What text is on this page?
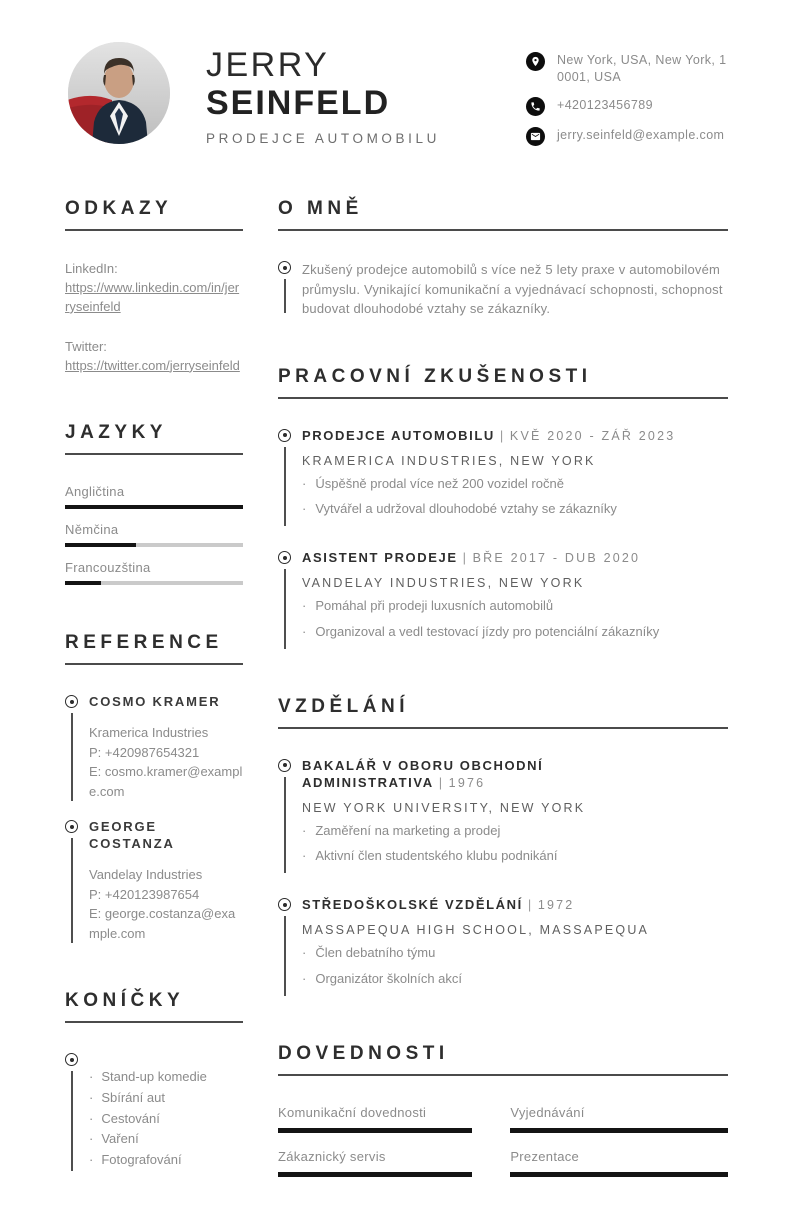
JERRY
SEINFELD
PRODEJCE AUTOMOBILU
New York, USA, New York, 10001, USA
+420123456789
jerry.seinfeld@example.com
ODKAZY
LinkedIn:
https://www.linkedin.com/in/jerryseinfeld
Twitter:
https://twitter.com/jerryseinfeld
JAZYKY
Angličtina
Němčina
Francouzština
REFERENCE
COSMO KRAMER
Kramerica Industries
P: +420987654321
E: cosmo.kramer@example.com
GEORGE COSTANZA
Vandelay Industries
P: +420123987654
E: george.costanza@example.com
KONÍČKY
· Stand-up komedie
· Sbírání aut
· Cestování
· Vaření
· Fotografování
O MNĚ

Zkušený prodejce automobilů s více než 5 lety praxe v automobilovém průmyslu. Vynikající komunikační a vyjednávací schopnosti, schopnost budovat dlouhodobé vztahy se zákazníky.

PRACOVNÍ ZKUŠENOSTI
PRODEJCE AUTOMOBILU | KVĚ 2020 - ZÁŘ 2023
KRAMERICA INDUSTRIES, NEW YORK
· Úspěšně prodal více než 200 vozidel ročně
· Vytvářel a udržoval dlouhodobé vztahy se zákazníky
ASISTENT PRODEJE | BŘE 2017 - DUB 2020
VANDELAY INDUSTRIES, NEW YORK
· Pomáhal při prodeji luxusních automobilů
· Organizoval a vedl testovací jízdy pro potenciální zákazníky
VZDĚLÁNÍ
BAKALÁŘ V OBORU OBCHODNÍ ADMINISTRATIVA | 1976
NEW YORK UNIVERSITY, NEW YORK
· Zaměření na marketing a prodej
· Aktivní člen studentského klubu podnikání
STŘEDOŠKOLSKÉ VZDĚLÁNÍ | 1972
MASSAPEQUA HIGH SCHOOL, MASSAPEQUA
· Člen debatního týmu
· Organizátor školních akcí
DOVEDNOSTI
Komunikační dovednosti	Vyjednávání
Zákaznický servis	Prezentace
